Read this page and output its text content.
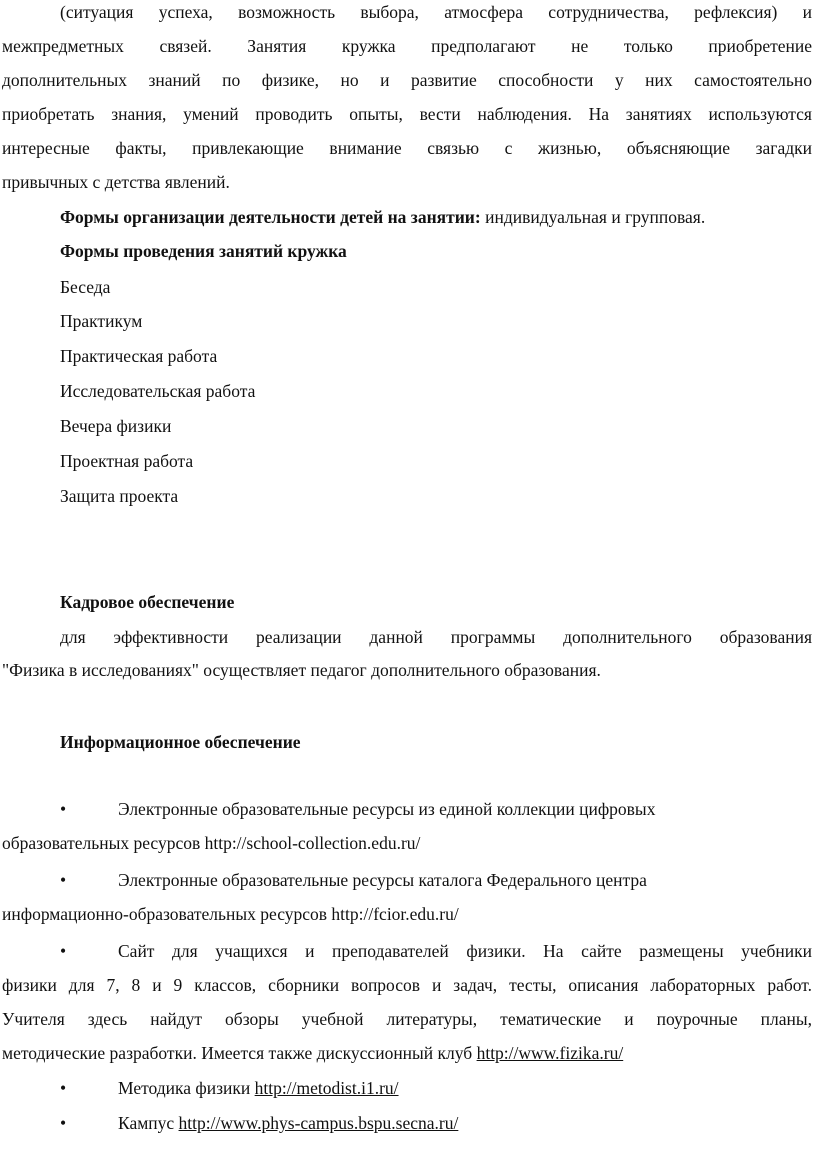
(ситуация успеха, возможность выбора, атмосфера сотрудничества, рефлексия) и
межпредметных связей. Занятия кружка предполагают не только приобретение
дополнительных знаний по физике, но и развитие способности у них самостоятельно
приобретать знания, умений проводить опыты, вести наблюдения. На занятиях используются
интересные факты, привлекающие внимание связью с жизнью, объясняющие загадки
привычных с детства явлений.
Формы организации деятельности детей на занятии: индивидуальная и групповая.
Формы проведения занятий кружка
Беседа
Практикум
Практическая работа
Исследовательская работа
Вечера физики
Проектная работа
Защита проекта
Кадровое обеспечение
для эффективности реализации данной программы дополнительного образования
"Физика в исследованиях" осуществляет педагог дополнительного образования.
Информационное обеспечение
•	Электронные образовательные ресурсы из единой коллекции цифровых
образовательных ресурсов http://school-collection.edu.ru/
•	Электронные образовательные ресурсы каталога Федерального центра
информационно-образовательных ресурсов http://fcior.edu.ru/
•	Сайт для учащихся и преподавателей физики. На сайте размещены учебники
физики для 7, 8 и 9 классов, сборники вопросов и задач, тесты, описания лабораторных работ.
Учителя здесь найдут обзоры учебной литературы, тематические и поурочные планы,
методические разработки. Имеется также дискуссионный клуб http://www.fizika.ru/
•	Методика физики http://metodist.i1.ru/
•	Кампус http://www.phys-campus.bspu.secna.ru/
